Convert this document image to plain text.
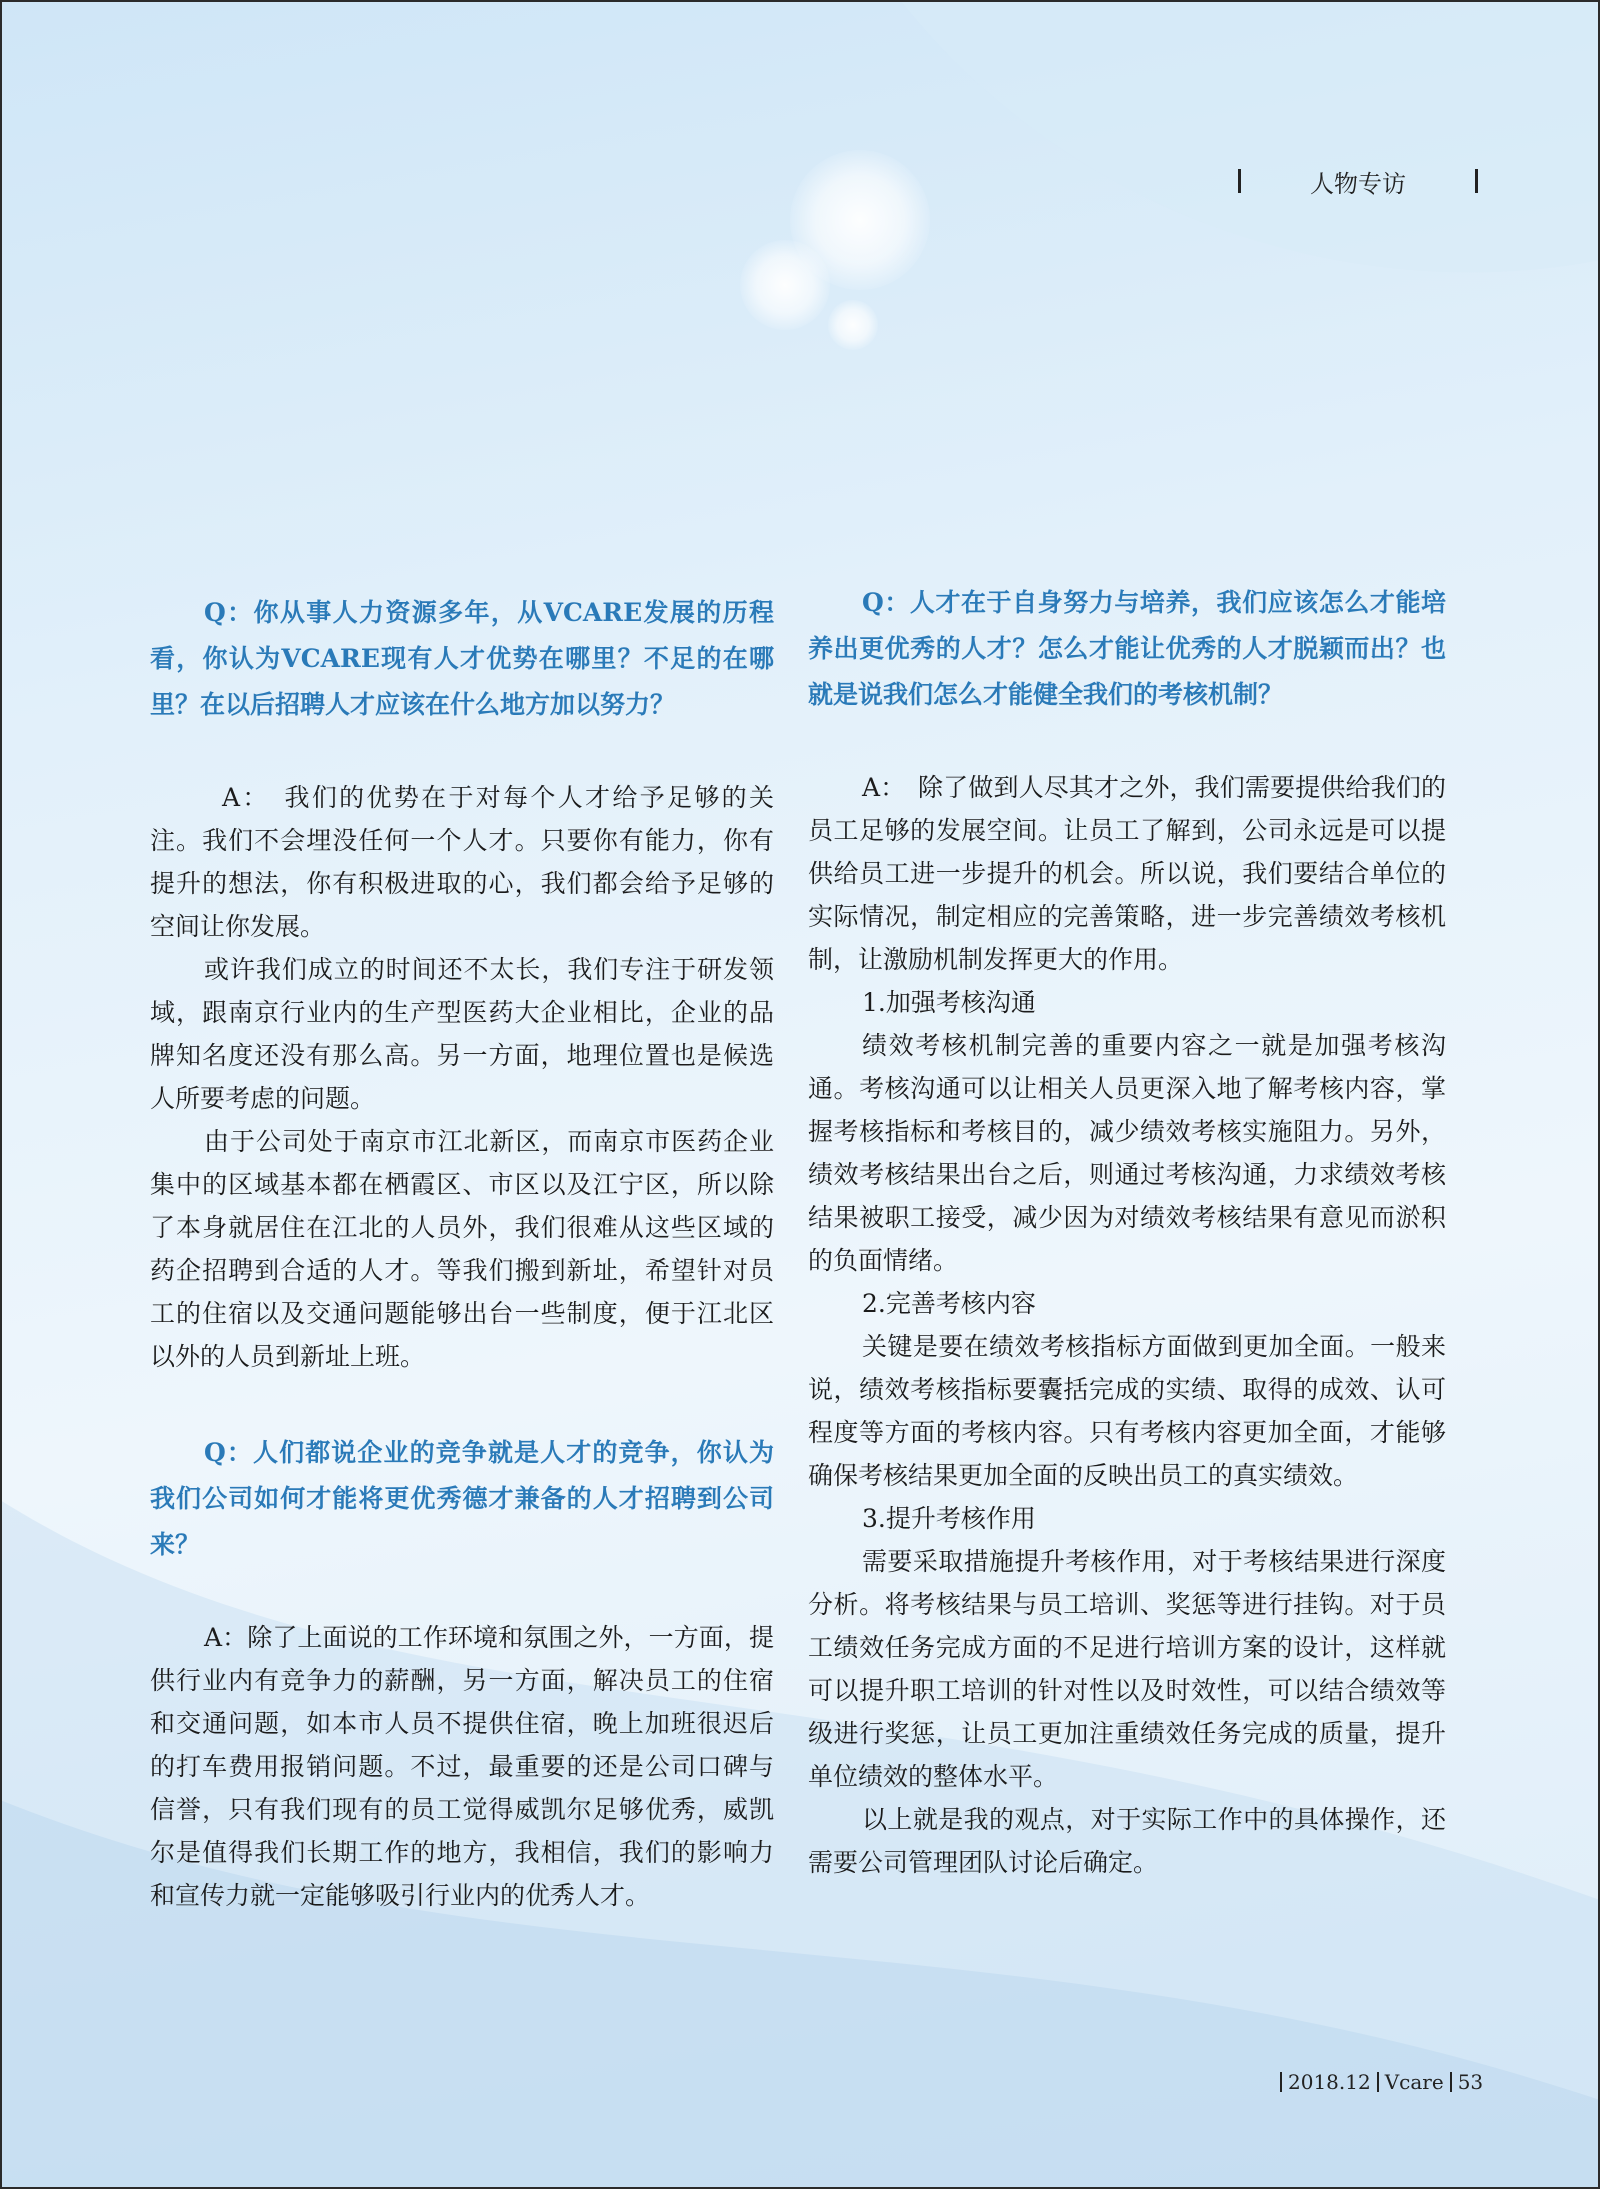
人物专访

Q：你从事人力资源多年，从VCARE发展的历程看，你认为VCARE现有人才优势在哪里？不足的在哪里？在以后招聘人才应该在什么地方加以努力？

A：　我们的优势在于对每个人才给予足够的关注。我们不会埋没任何一个人才。只要你有能力，你有提升的想法，你有积极进取的心，我们都会给予足够的空间让你发展。

或许我们成立的时间还不太长，我们专注于研发领域，跟南京行业内的生产型医药大企业相比，企业的品牌知名度还没有那么高。另一方面，地理位置也是候选人所要考虑的问题。

由于公司处于南京市江北新区，而南京市医药企业集中的区域基本都在栖霞区、市区以及江宁区，所以除了本身就居住在江北的人员外，我们很难从这些区域的药企招聘到合适的人才。等我们搬到新址，希望针对员工的住宿以及交通问题能够出台一些制度，便于江北区以外的人员到新址上班。

Q：人们都说企业的竞争就是人才的竞争，你认为我们公司如何才能将更优秀德才兼备的人才招聘到公司来？

A：除了上面说的工作环境和氛围之外，一方面，提供行业内有竞争力的薪酬，另一方面，解决员工的住宿和交通问题，如本市人员不提供住宿，晚上加班很迟后的打车费用报销问题。不过，最重要的还是公司口碑与信誉，只有我们现有的员工觉得威凯尔足够优秀，威凯尔是值得我们长期工作的地方，我相信，我们的影响力和宣传力就一定能够吸引行业内的优秀人才。

Q：人才在于自身努力与培养，我们应该怎么才能培养出更优秀的人才？怎么才能让优秀的人才脱颖而出？也就是说我们怎么才能健全我们的考核机制？

A：　除了做到人尽其才之外，我们需要提供给我们的员工足够的发展空间。让员工了解到，公司永远是可以提供给员工进一步提升的机会。所以说，我们要结合单位的实际情况，制定相应的完善策略，进一步完善绩效考核机制，让激励机制发挥更大的作用。

1.加强考核沟通

绩效考核机制完善的重要内容之一就是加强考核沟通。考核沟通可以让相关人员更深入地了解考核内容，掌握考核指标和考核目的，减少绩效考核实施阻力。另外，绩效考核结果出台之后，则通过考核沟通，力求绩效考核结果被职工接受，减少因为对绩效考核结果有意见而淤积的负面情绪。

2.完善考核内容

关键是要在绩效考核指标方面做到更加全面。一般来说，绩效考核指标要囊括完成的实绩、取得的成效、认可程度等方面的考核内容。只有考核内容更加全面，才能够确保考核结果更加全面的反映出员工的真实绩效。

3.提升考核作用

需要采取措施提升考核作用，对于考核结果进行深度分析。将考核结果与员工培训、奖惩等进行挂钩。对于员工绩效任务完成方面的不足进行培训方案的设计，这样就可以提升职工培训的针对性以及时效性，可以结合绩效等级进行奖惩，让员工更加注重绩效任务完成的质量，提升单位绩效的整体水平。

以上就是我的观点，对于实际工作中的具体操作，还需要公司管理团队讨论后确定。

2018.12 Vcare 53
